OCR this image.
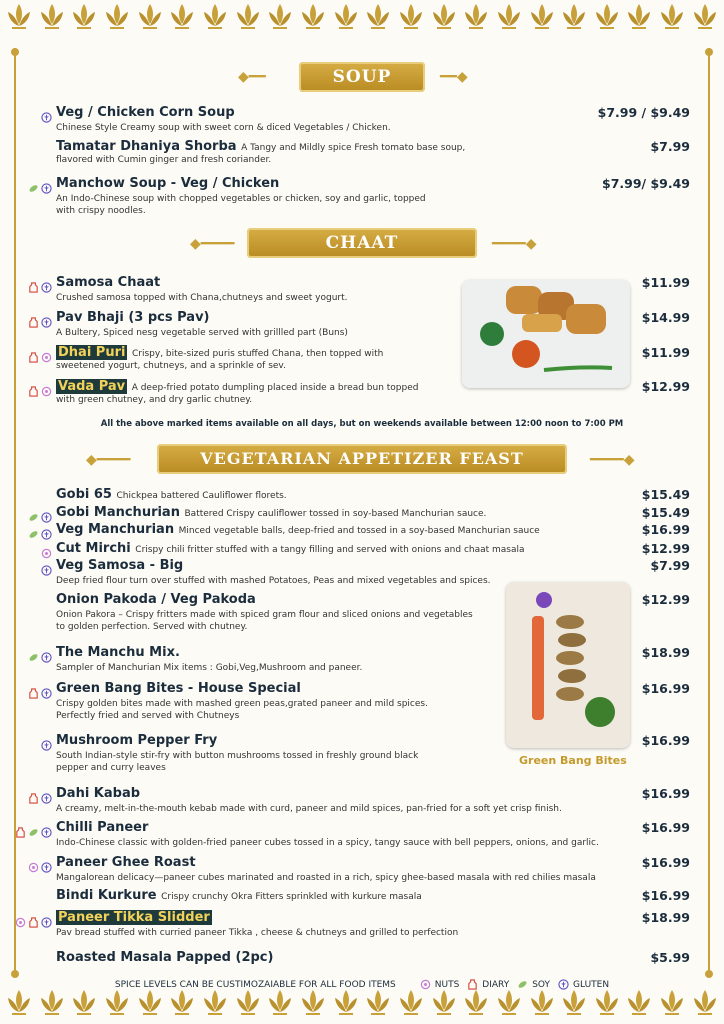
◆━━	SOUP	━━◆
◆━━━━	CHAAT	━━━━◆
◆━━━━	VEGETARIAN APPETIZER FEAST	━━━━◆
Green Bang Bites
All the above marked items available on all days, but on weekends available between 12:00 noon to 7:00 PM
Veg / Chicken Corn Soup
Chinese Style Creamy soup with sweet corn & diced Vegetables / Chicken.
$7.99 / $9.49
Tamatar Dhaniya Shorba A Tangy and Mildly spice Fresh tomato base soup,
flavored with Cumin ginger and fresh coriander.
$7.99
Manchow Soup - Veg / Chicken
An Indo-Chinese soup with chopped vegetables or chicken, soy and garlic, topped
with crispy noodles.
$7.99/ $9.49
Samosa Chaat
Crushed samosa topped with Chana,chutneys and sweet yogurt.
$11.99
Pav Bhaji (3 pcs Pav)
A Bultery, Spiced nesg vegetable served with grillled part (Buns)
$14.99
Dhai Puri Crispy, bite-sized puris stuffed Chana, then topped with
sweetened yogurt, chutneys, and a sprinkle of sev.
$11.99
Vada Pav A deep-fried potato dumpling placed inside a bread bun topped
with green chutney, and dry garlic chutney.
$12.99
Gobi 65 Chickpea battered Cauliflower florets.	$15.49
Gobi Manchurian Battered Crispy cauliflower tossed in soy-based Manchurian sauce.	$15.49
Veg Manchurian Minced vegetable balls, deep-fried and tossed in a soy-based Manchurian sauce	$16.99
Cut Mirchi Crispy chili fritter stuffed with a tangy filling and served with onions and chaat masala	$12.99
Veg Samosa - Big
Deep fried flour turn over stuffed with mashed Potatoes, Peas and mixed vegetables and spices.
$7.99
Onion Pakoda / Veg Pakoda
Onion Pakora – Crispy fritters made with spiced gram flour and sliced onions and vegetables
to golden perfection. Served with chutney.
$12.99
The Manchu Mix.
Sampler of Manchurian Mix items : Gobi,Veg,Mushroom and paneer.
$18.99
Green Bang Bites - House Special
Crispy golden bites made with mashed green peas,grated paneer and mild spices.
Perfectly fried and served with Chutneys
$16.99
Mushroom Pepper Fry
South Indian-style stir-fry with button mushrooms tossed in freshly ground black
pepper and curry leaves
$16.99
Dahi Kabab
A creamy, melt-in-the-mouth kebab made with curd, paneer and mild spices, pan-fried for a soft yet crisp finish.
$16.99
Chilli Paneer
Indo-Chinese classic with golden-fried paneer cubes tossed in a spicy, tangy sauce with bell peppers, onions, and garlic.
$16.99
Paneer Ghee Roast
Mangalorean delicacy—paneer cubes marinated and roasted in a rich, spicy ghee-based masala with red chilies masala
$16.99
Bindi Kurkure Crispy crunchy Okra Fitters sprinkled with kurkure masala	$16.99
Paneer Tikka Slidder
Pav bread stuffed with curried paneer Tikka , cheese & chutneys and grilled to perfection
$18.99
Roasted Masala Papped (2pc)	$5.99
SPICE LEVELS CAN BE CUSTIMOZAIABLE FOR ALL FOOD ITEMS	NUTS	DIARY	SOY	GLUTEN
